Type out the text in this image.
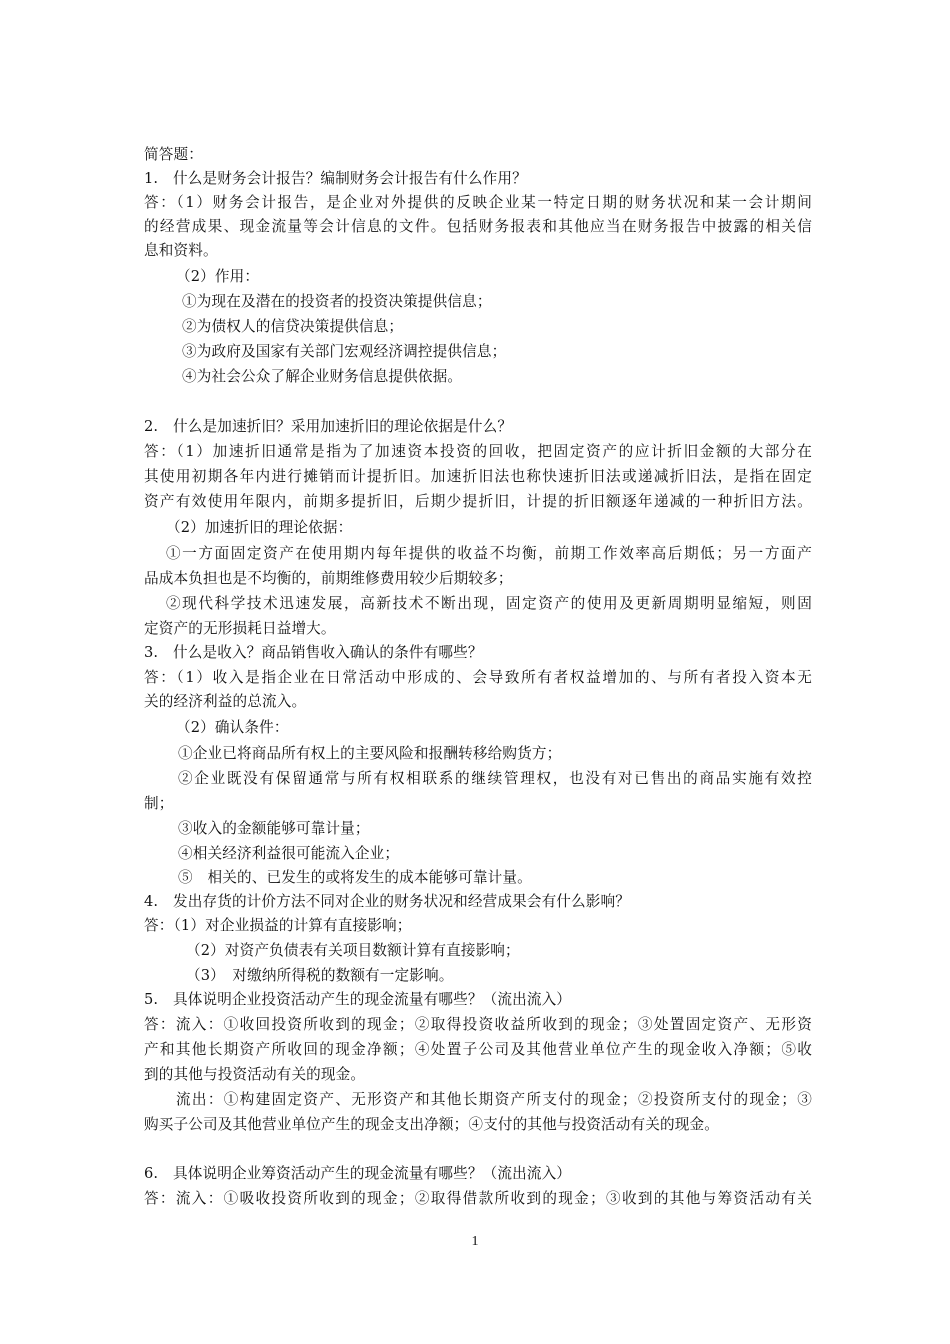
简答题：
1.　什么是财务会计报告？编制财务会计报告有什么作用？
答：（1）财务会计报告，是企业对外提供的反映企业某一特定日期的财务状况和某一会计期间
的经营成果、现金流量等会计信息的文件。包括财务报表和其他应当在财务报告中披露的相关信
息和资料。
（2）作用：
①为现在及潜在的投资者的投资决策提供信息；
②为债权人的信贷决策提供信息；
③为政府及国家有关部门宏观经济调控提供信息；
④为社会公众了解企业财务信息提供依据。
2.　什么是加速折旧？采用加速折旧的理论依据是什么？
答：（1）加速折旧通常是指为了加速资本投资的回收，把固定资产的应计折旧金额的大部分在
其使用初期各年内进行摊销而计提折旧。加速折旧法也称快速折旧法或递减折旧法，是指在固定
资产有效使用年限内，前期多提折旧，后期少提折旧，计提的折旧额逐年递减的一种折旧方法。
（2）加速折旧的理论依据：
①一方面固定资产在使用期内每年提供的收益不均衡，前期工作效率高后期低；另一方面产
品成本负担也是不均衡的，前期维修费用较少后期较多；
②现代科学技术迅速发展，高新技术不断出现，固定资产的使用及更新周期明显缩短，则固
定资产的无形损耗日益增大。
3.　什么是收入？商品销售收入确认的条件有哪些？
答：（1）收入是指企业在日常活动中形成的、会导致所有者权益增加的、与所有者投入资本无
关的经济利益的总流入。
（2）确认条件：
①企业已将商品所有权上的主要风险和报酬转移给购货方；
②企业既没有保留通常与所有权相联系的继续管理权，也没有对已售出的商品实施有效控
制；
③收入的金额能够可靠计量；
④相关经济利益很可能流入企业；
⑤　相关的、已发生的或将发生的成本能够可靠计量。
4.　发出存货的计价方法不同对企业的财务状况和经营成果会有什么影响？
答：（1）对企业损益的计算有直接影响；
（2）对资产负债表有关项目数额计算有直接影响；
（3）　对缴纳所得税的数额有一定影响。
5.　具体说明企业投资活动产生的现金流量有哪些？（流出流入）
答：流入：①收回投资所收到的现金；②取得投资收益所收到的现金；③处置固定资产、无形资
产和其他长期资产所收回的现金净额；④处置子公司及其他营业单位产生的现金收入净额；⑤收
到的其他与投资活动有关的现金。
流出：①构建固定资产、无形资产和其他长期资产所支付的现金；②投资所支付的现金；③
购买子公司及其他营业单位产生的现金支出净额；④支付的其他与投资活动有关的现金。
6.　具体说明企业筹资活动产生的现金流量有哪些？（流出流入）
答：流入：①吸收投资所收到的现金；②取得借款所收到的现金；③收到的其他与筹资活动有关
1
